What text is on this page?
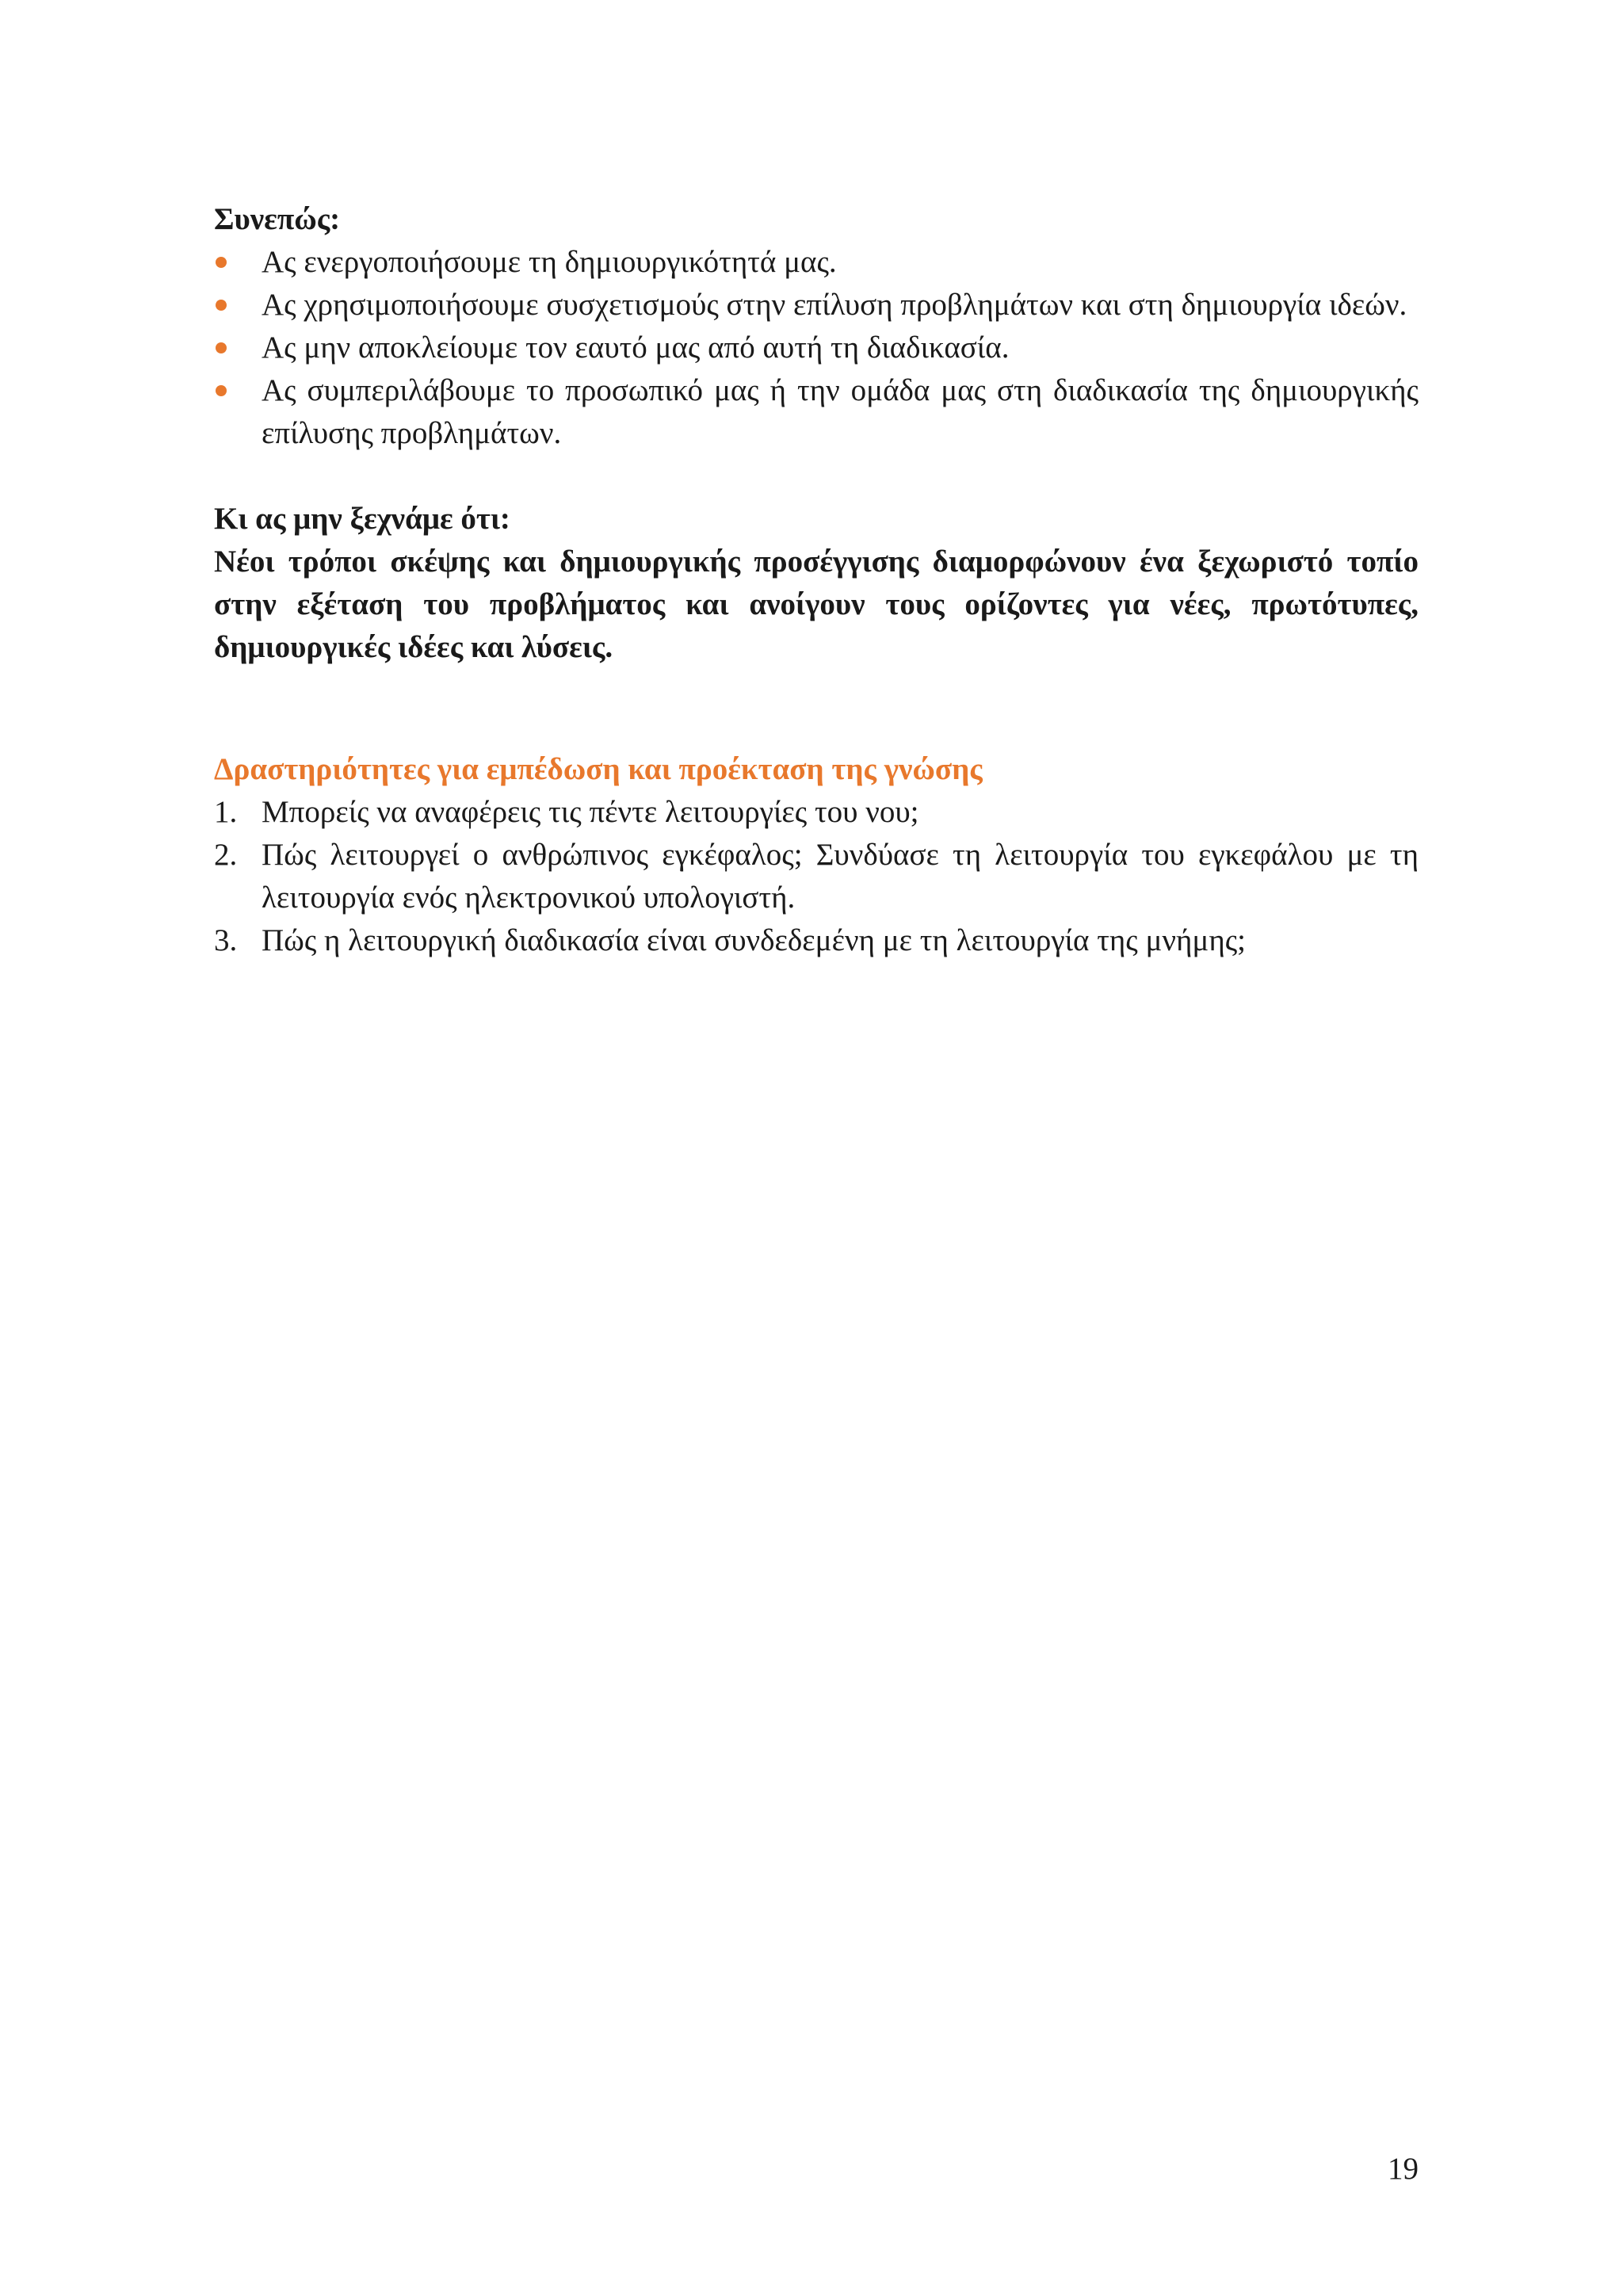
Συνεπώς:

Ας ενεργοποιήσουμε τη δημιουργικότητά μας.
Ας χρησιμοποιήσουμε συσχετισμούς στην επίλυση προβλημάτων και στη δημιουργία ιδεών.
Ας μην αποκλείουμε τον εαυτό μας από αυτή τη διαδικασία.
Ας συμπεριλάβουμε το προσωπικό μας ή την ομάδα μας στη διαδικασία της δημιουργικής επίλυσης προβλημάτων.

Κι ας μην ξεχνάμε ότι:

Νέοι τρόποι σκέψης και δημιουργικής προσέγγισης διαμορφώνουν ένα ξεχωριστό τοπίο στην εξέταση του προβλήματος και ανοίγουν τους ορίζοντες για νέες, πρωτότυπες, δημιουργικές ιδέες και λύσεις.

Δραστηριότητες για εμπέδωση και προέκταση της γνώσης

1. Μπορείς να αναφέρεις τις πέντε λειτουργίες του νου;
2. Πώς λειτουργεί ο ανθρώπινος εγκέφαλος; Συνδύασε τη λειτουργία του εγκεφάλου με τη λειτουργία ενός ηλεκτρονικού υπολογιστή.
3. Πώς η λειτουργική διαδικασία είναι συνδεδεμένη με τη λειτουργία της μνήμης;
19
